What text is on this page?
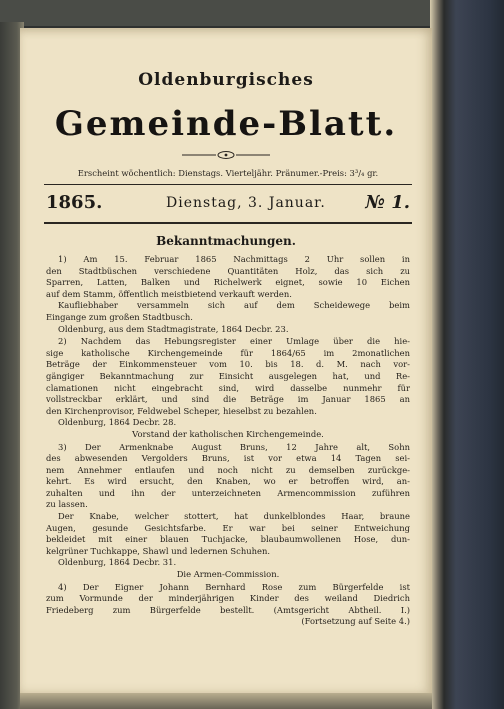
Oldenburgisches
Gemeinde-Blatt.
Erscheint wöchentlich: Dienstags. Vierteljähr. Pränumer.-Preis: 3³/₄ gr.
1865.	Dienstag, 3. Januar. № 1.
Bekanntmachungen.
1) Am 15. Februar 1865 Nachmittags 2 Uhr sollen in
den Stadtbüschen verschiedene Quantitäten Holz, das sich zu
Sparren, Latten, Balken und Richelwerk eignet, sowie 10 Eichen
auf dem Stamm, öffentlich meistbietend verkauft werden.
Kaufliebhaber versammeln sich auf dem Scheidewege beim
Eingange zum großen Stadtbusch.
Oldenburg, aus dem Stadtmagistrate, 1864 Decbr. 23.
2) Nachdem das Hebungsregister einer Umlage über die hie-
sige katholische Kirchengemeinde für 1864/65 im 2monatlichen
Beträge der Einkommensteuer vom 10. bis 18. d. M. nach vor-
gängiger Bekanntmachung zur Einsicht ausgelegen hat, und Re-
clamationen nicht eingebracht sind, wird dasselbe nunmehr für
vollstreckbar erklärt, und sind die Beträge im Januar 1865 an
den Kirchenprovisor, Feldwebel Scheper, hieselbst zu bezahlen.
Oldenburg, 1864 Decbr. 28.
Vorstand der katholischen Kirchengemeinde.
3) Der Armenknabe August Bruns, 12 Jahre alt, Sohn
des abwesenden Vergolders Bruns, ist vor etwa 14 Tagen sei-
nem Annehmer entlaufen und noch nicht zu demselben zurückge-
kehrt. Es wird ersucht, den Knaben, wo er betroffen wird, an-
zuhalten und ihn der unterzeichneten Armencommission zuführen
zu lassen.
Der Knabe, welcher stottert, hat dunkelblondes Haar, braune
Augen, gesunde Gesichtsfarbe. Er war bei seiner Entweichung
bekleidet mit einer blauen Tuchjacke, blaubaumwollenen Hose, dun-
kelgrüner Tuchkappe, Shawl und ledernen Schuhen.
Oldenburg, 1864 Decbr. 31.
Die Armen-Commission.
4) Der Eigner Johann Bernhard Rose zum Bürgerfelde ist
zum Vormunde der minderjährigen Kinder des weiland Diedrich
Friedeberg zum Bürgerfelde bestellt. (Amtsgericht Abtheil. I.)
(Fortsetzung auf Seite 4.)
